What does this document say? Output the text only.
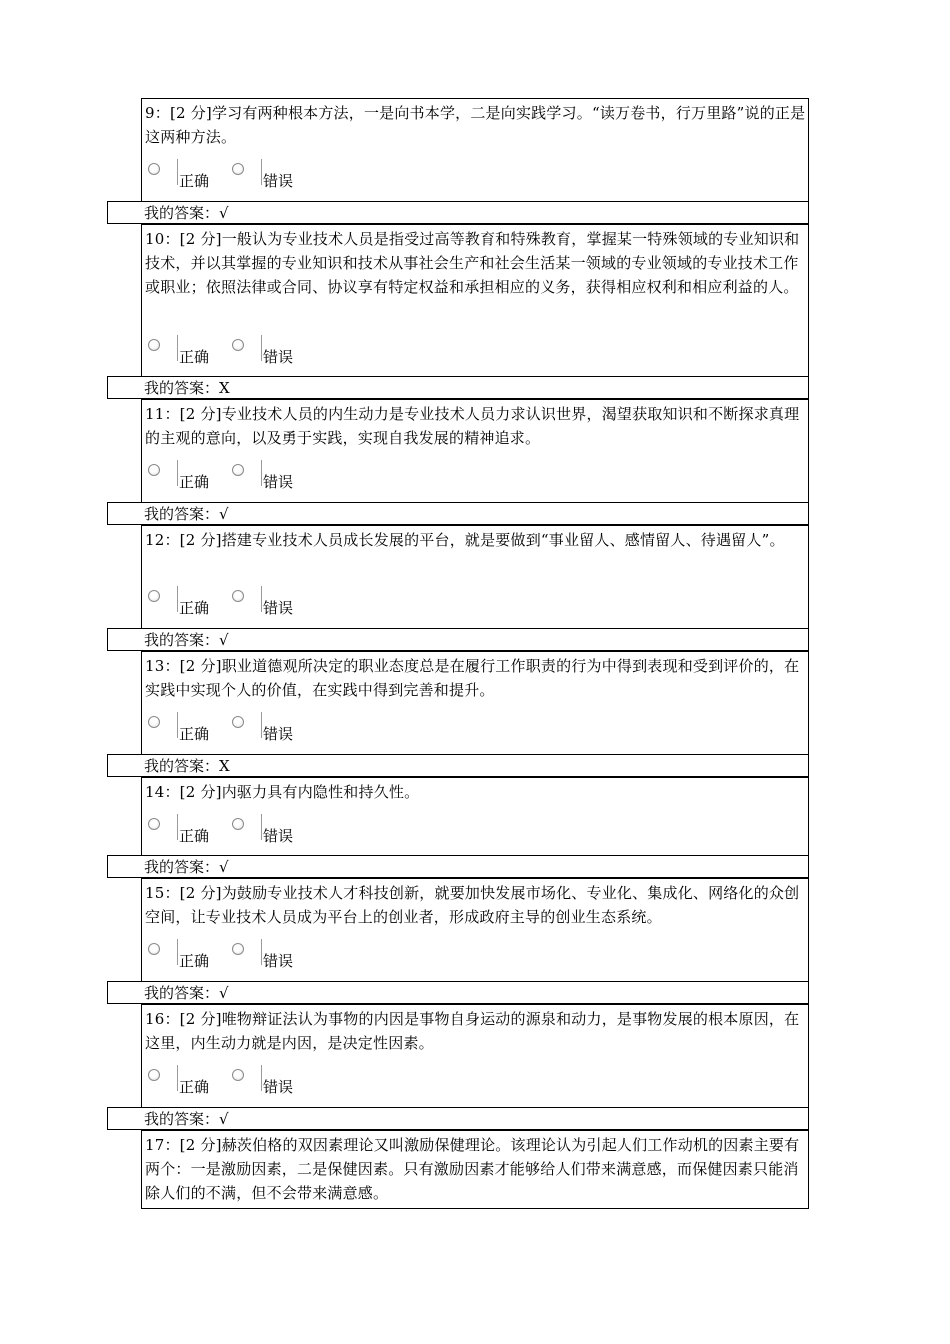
9：[2 分]学习有两种根本方法，一是向书本学，二是向实践学习。“读万卷书，行万里路”说的正是这两种方法。
正确	错误
我的答案：√
10：[2 分]一般认为专业技术人员是指受过高等教育和特殊教育，掌握某一特殊领域的专业知识和技术，并以其掌握的专业知识和技术从事社会生产和社会生活某一领域的专业领域的专业技术工作或职业；依照法律或合同、协议享有特定权益和承担相应的义务，获得相应权利和相应利益的人。
正确	错误
我的答案：X
11：[2 分]专业技术人员的内生动力是专业技术人员力求认识世界，渴望获取知识和不断探求真理的主观的意向，以及勇于实践，实现自我发展的精神追求。
正确	错误
我的答案：√
12：[2 分]搭建专业技术人员成长发展的平台，就是要做到“事业留人、感情留人、待遇留人”。
正确	错误
我的答案：√
13：[2 分]职业道德观所决定的职业态度总是在履行工作职责的行为中得到表现和受到评价的，在实践中实现个人的价值，在实践中得到完善和提升。
正确	错误
我的答案：X
14：[2 分]内驱力具有内隐性和持久性。
正确	错误
我的答案：√
15：[2 分]为鼓励专业技术人才科技创新，就要加快发展市场化、专业化、集成化、网络化的众创空间，让专业技术人员成为平台上的创业者，形成政府主导的创业生态系统。
正确	错误
我的答案：√
16：[2 分]唯物辩证法认为事物的内因是事物自身运动的源泉和动力，是事物发展的根本原因，在这里，内生动力就是内因，是决定性因素。
正确	错误
我的答案：√
17：[2 分]赫茨伯格的双因素理论又叫激励保健理论。该理论认为引起人们工作动机的因素主要有两个：一是激励因素，二是保健因素。只有激励因素才能够给人们带来满意感，而保健因素只能消除人们的不满，但不会带来满意感。
